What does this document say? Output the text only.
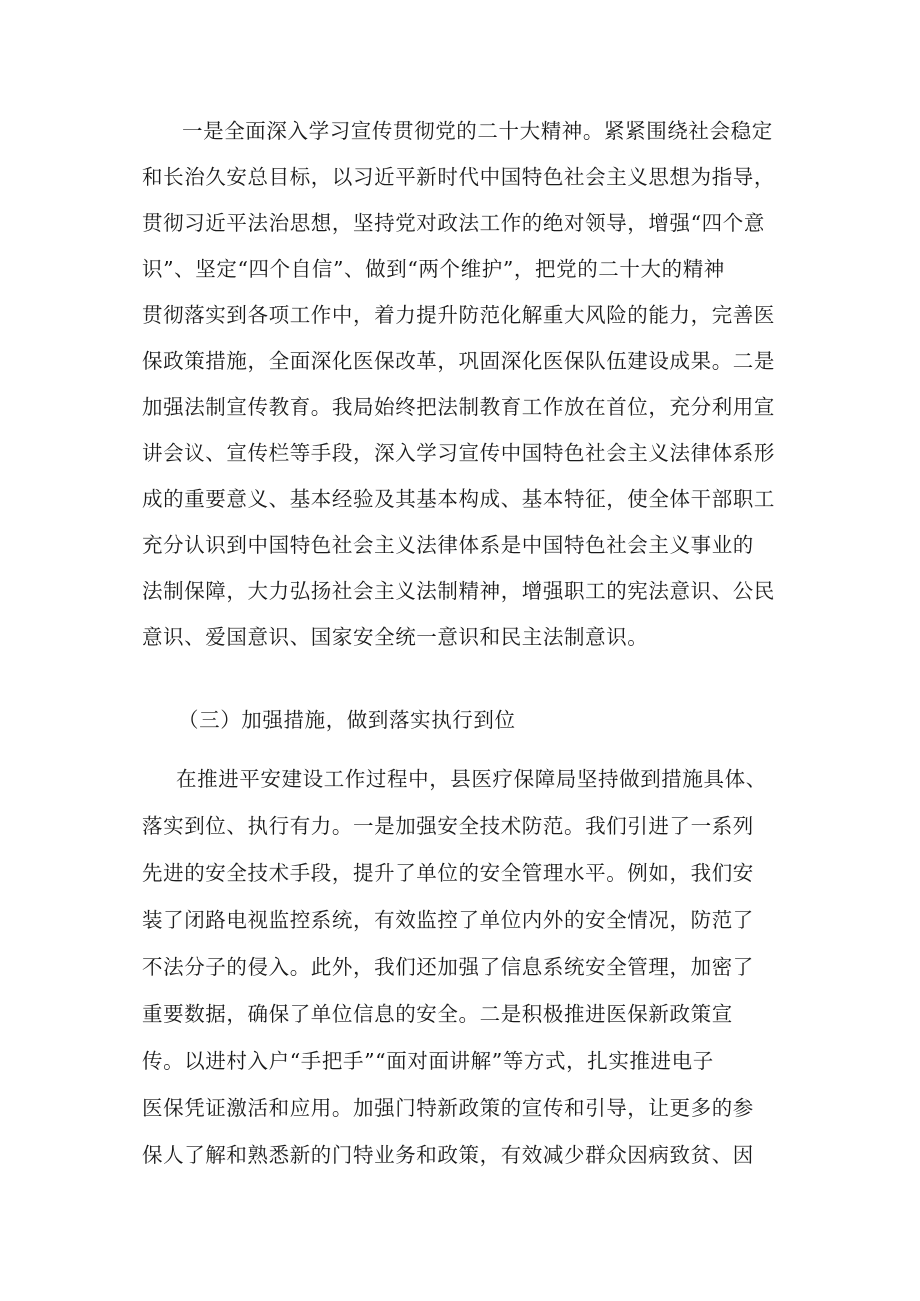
一是全面深入学习宣传贯彻党的二十大精神。紧紧围绕社会稳定
和长治久安总目标，以习近平新时代中国特色社会主义思想为指导，
贯彻习近平法治思想，坚持党对政法工作的绝对领导，增强“四个意
识”、坚定“四个自信”、做到“两个维护”，把党的二十大的精神
贯彻落实到各项工作中，着力提升防范化解重大风险的能力，完善医
保政策措施，全面深化医保改革，巩固深化医保队伍建设成果。二是
加强法制宣传教育。我局始终把法制教育工作放在首位，充分利用宣
讲会议、宣传栏等手段，深入学习宣传中国特色社会主义法律体系形
成的重要意义、基本经验及其基本构成、基本特征，使全体干部职工
充分认识到中国特色社会主义法律体系是中国特色社会主义事业的
法制保障，大力弘扬社会主义法制精神，增强职工的宪法意识、公民
意识、爱国意识、国家安全统一意识和民主法制意识。
（三）加强措施，做到落实执行到位
在推进平安建设工作过程中，县医疗保障局坚持做到措施具体、
落实到位、执行有力。一是加强安全技术防范。我们引进了一系列
先进的安全技术手段，提升了单位的安全管理水平。例如，我们安
装了闭路电视监控系统，有效监控了单位内外的安全情况，防范了
不法分子的侵入。此外，我们还加强了信息系统安全管理，加密了
重要数据，确保了单位信息的安全。二是积极推进医保新政策宣
传。以进村入户“手把手”“面对面讲解”等方式，扎实推进电子
医保凭证激活和应用。加强门特新政策的宣传和引导，让更多的参
保人了解和熟悉新的门特业务和政策，有效减少群众因病致贫、因
